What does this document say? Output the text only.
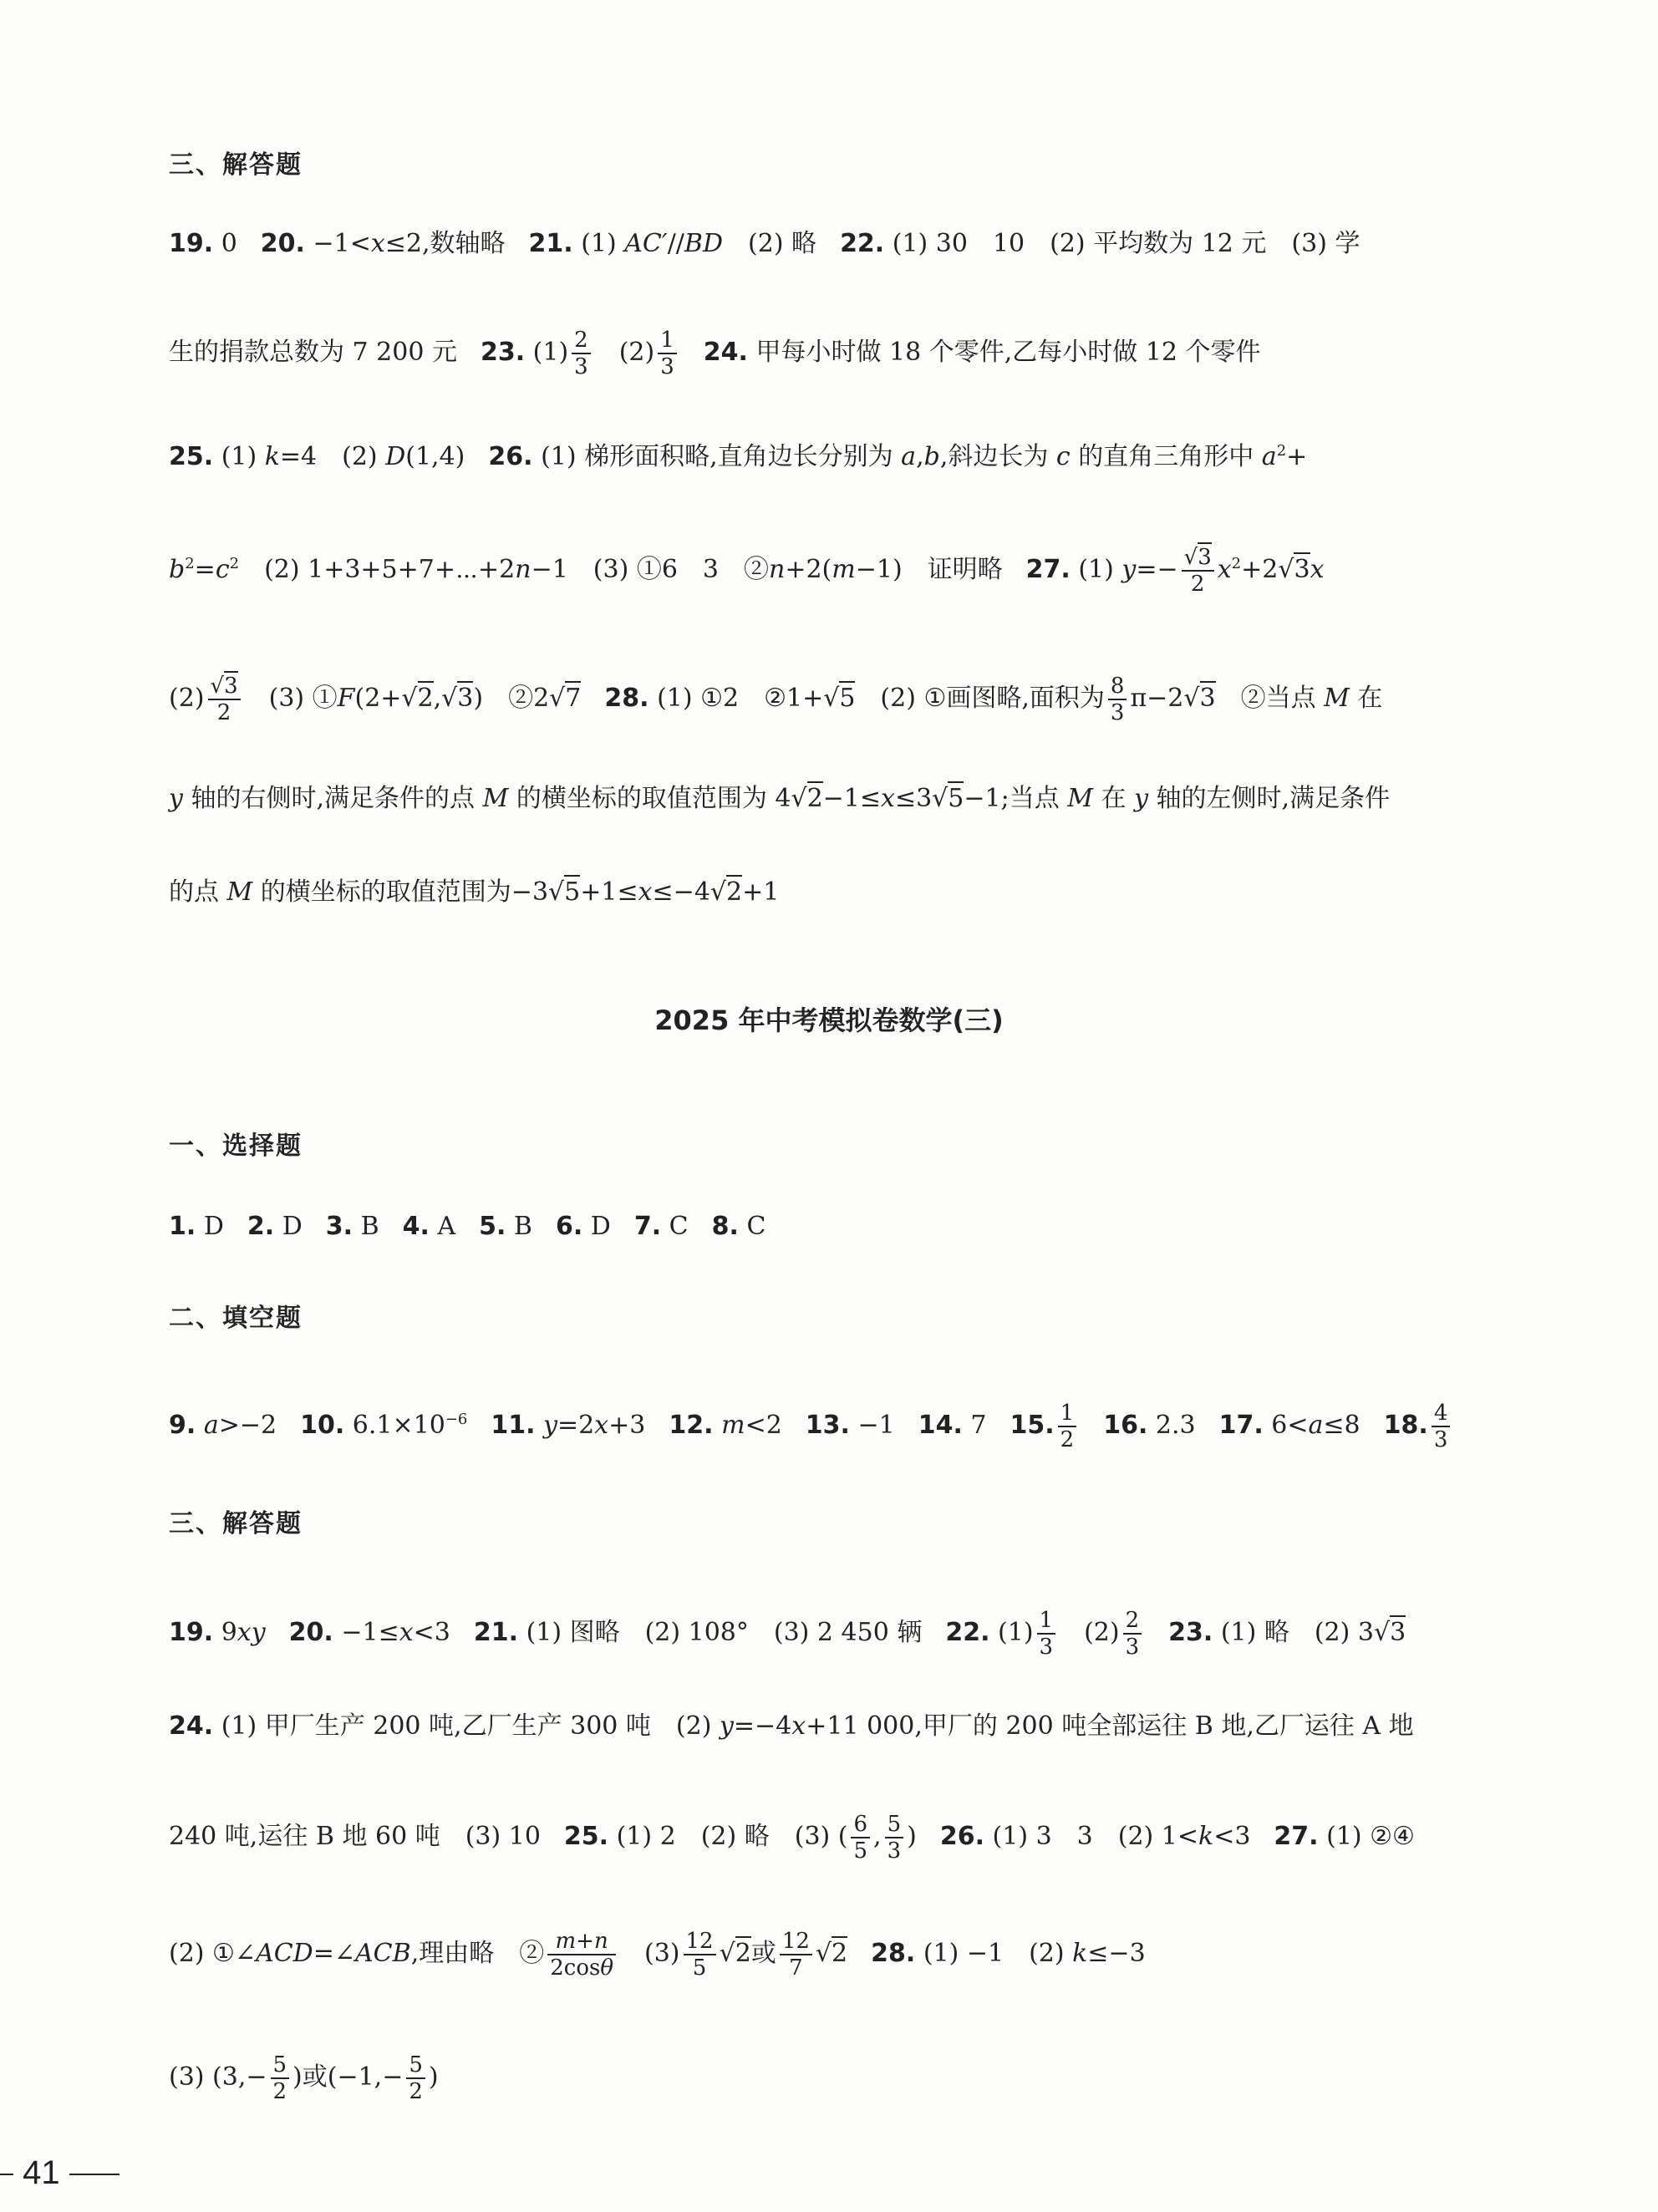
三、解答题
19. 0 20. −1<x≤2,数轴略 21. (1) AC′//BD　(2) 略 22. (1) 30　10　(2) 平均数为 12 元　(3) 学
生的捐款总数为 7 200 元 23. $(1) \frac{2}{3}$ 　$(2) \frac{1}{3} 24$. 甲每小时做 18 个零件,乙每小时做 12 个零件
25. (1) k=4　(2) D(1,4) 26. (1) 梯形面积略,直角边长分别为 a,b,斜边长为 c 的直角三角形中 $a^2+$
$b^2=c^2$　(2) 1+3+5+7+⋯+2n−1　(3) ①6　3　②n+2(m−1)　证明略 27. (1) $y=- \frac{√3}{2} x^2+2√3x$
$(2) \frac{√3}{2}$ 　(3) ①F(2+√2,√3)　②2√7 28. (1) ①2　②1+√5　(2) ①画图略,面积为 $\frac{8}{3} \pi-2√3$　②当点 M 在
y 轴的右侧时,满足条件的点 M 的横坐标的取值范围为 4√2−1≤x≤3√5−1;当点 M 在 y 轴的左侧时,满足条件
的点 M 的横坐标的取值范围为−3√5+1≤x≤−4√2+1
2025 年中考模拟卷数学(三)
一、选择题
1. D 2. D 3. B 4. A 5. B 6. D 7. C 8. C
二、填空题
9. a>−2 10. $6.1\times 10^{-6}$ 11. y=2x+3 12. m<2 13. −1 14. 7 15. $\frac{1}{2} 16$. 2.3 17. 6<a≤8 18. $\frac{4}{3}$
三、解答题
19. 9xy 20. −1≤x<3 21. (1) 图略　(2) 108°　(3) 2 450 辆 22. $(1) \frac{1}{3}$ 　$(2) \frac{2}{3} 23$. (1) 略　(2) 3√3
24. (1) 甲厂生产 200 吨,乙厂生产 300 吨　(2) y=−4x+11 000,甲厂的 200 吨全部运往 B 地,乙厂运往 A 地
240 吨,运往 B 地 60 吨　(3) 10 25. (1) 2　(2) 略　(3) ( $\frac{6}{5}$ , $\frac{5}{3}$ ) 26. (1) 3　3　(2) 1<k<3 27. (1) ②④
(2) ①∠ACD=∠ACB,理由略　② $\frac{m+n}{2\cos\theta}$ 　$(3) \frac{12}{5} √2$或 $\frac{12}{7} √2$ 28. (1) −1　(2) k≤−3
(3) ($3,- \frac{5}{2}$ )或($-1,- \frac{5}{2}$ )
41
